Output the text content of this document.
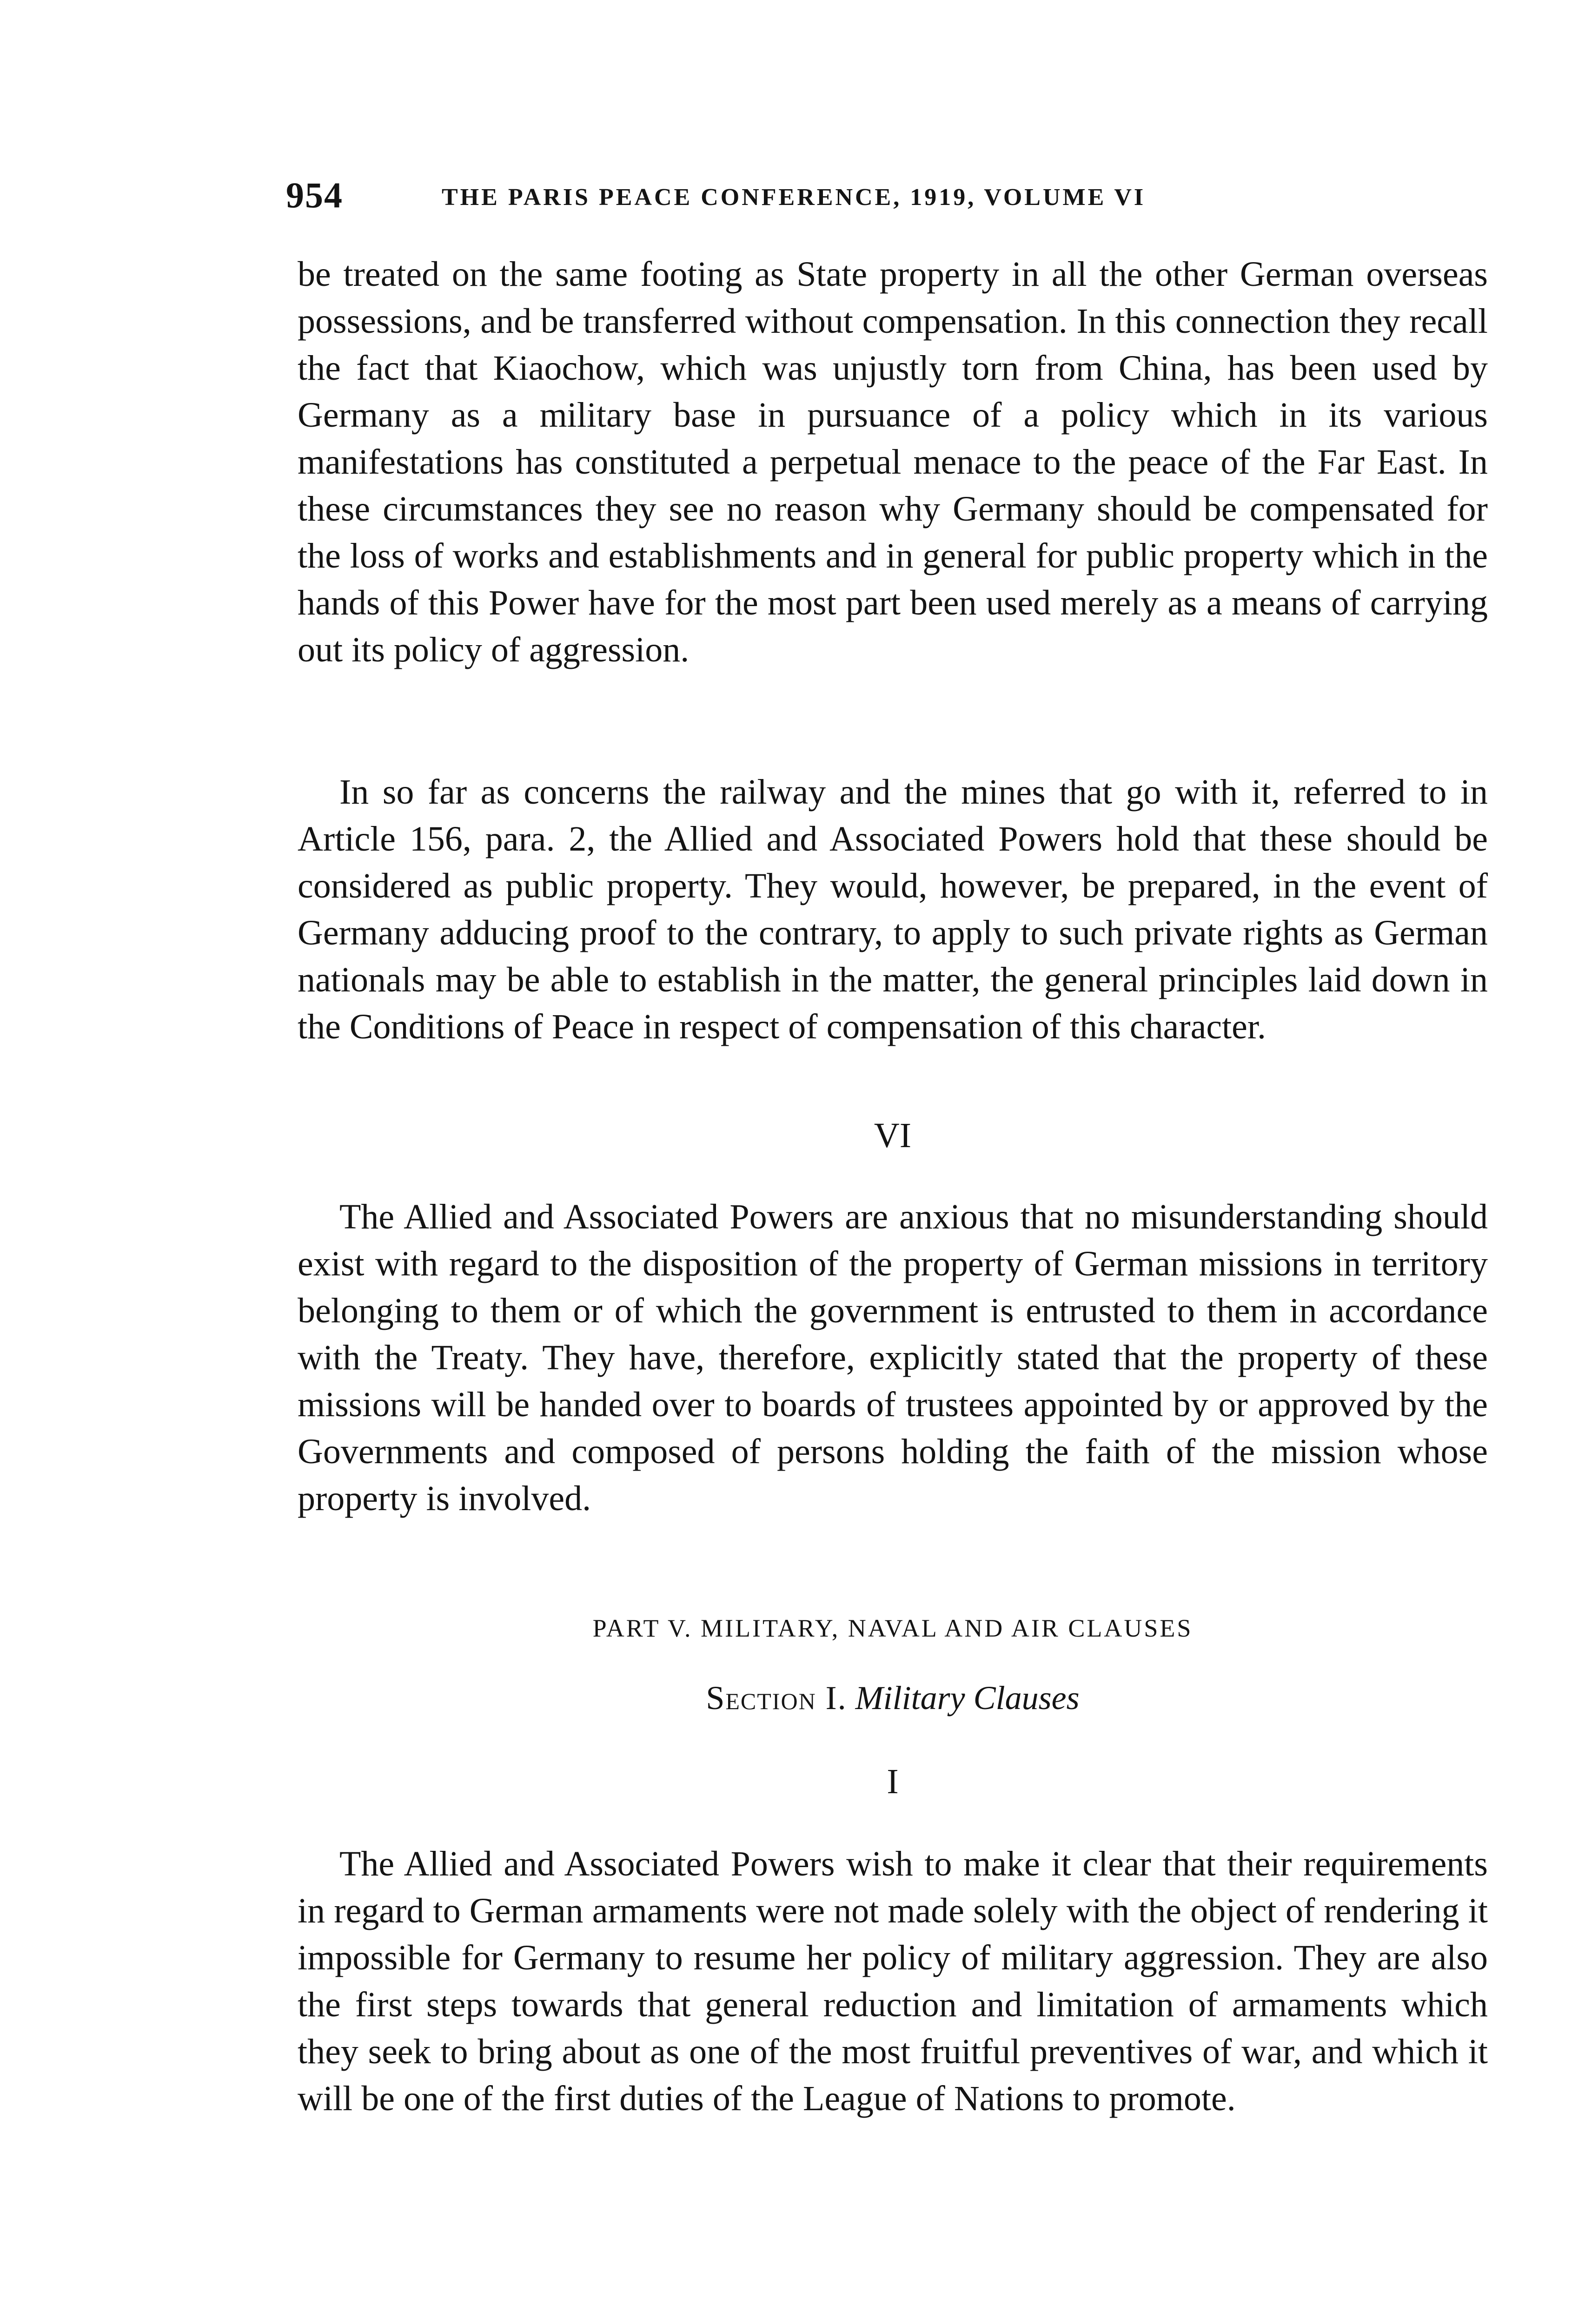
954	THE PARIS PEACE CONFERENCE, 1919, VOLUME VI

be treated on the same footing as State property in all the other German overseas possessions, and be transferred without compensation. In this connection they recall the fact that Kiaochow, which was unjustly torn from China, has been used by Germany as a military base in pursuance of a policy which in its various manifestations has constituted a perpetual menace to the peace of the Far East. In these circumstances they see no reason why Germany should be compensated for the loss of works and establishments and in general for public property which in the hands of this Power have for the most part been used merely as a means of carrying out its policy of aggression.

In so far as concerns the railway and the mines that go with it, referred to in Article 156, para. 2, the Allied and Associated Powers hold that these should be considered as public property. They would, however, be prepared, in the event of Germany adducing proof to the contrary, to apply to such private rights as German nationals may be able to establish in the matter, the general principles laid down in the Conditions of Peace in respect of compensation of this character.

VI

The Allied and Associated Powers are anxious that no misunderstanding should exist with regard to the disposition of the property of German missions in territory belonging to them or of which the government is entrusted to them in accordance with the Treaty. They have, therefore, explicitly stated that the property of these missions will be handed over to boards of trustees appointed by or approved by the Governments and composed of persons holding the faith of the mission whose property is involved.

PART V. MILITARY, NAVAL AND AIR CLAUSES

Section I. Military Clauses

I

The Allied and Associated Powers wish to make it clear that their requirements in regard to German armaments were not made solely with the object of rendering it impossible for Germany to resume her policy of military aggression. They are also the first steps towards that general reduction and limitation of armaments which they seek to bring about as one of the most fruitful preventives of war, and which it will be one of the first duties of the League of Nations to promote.
